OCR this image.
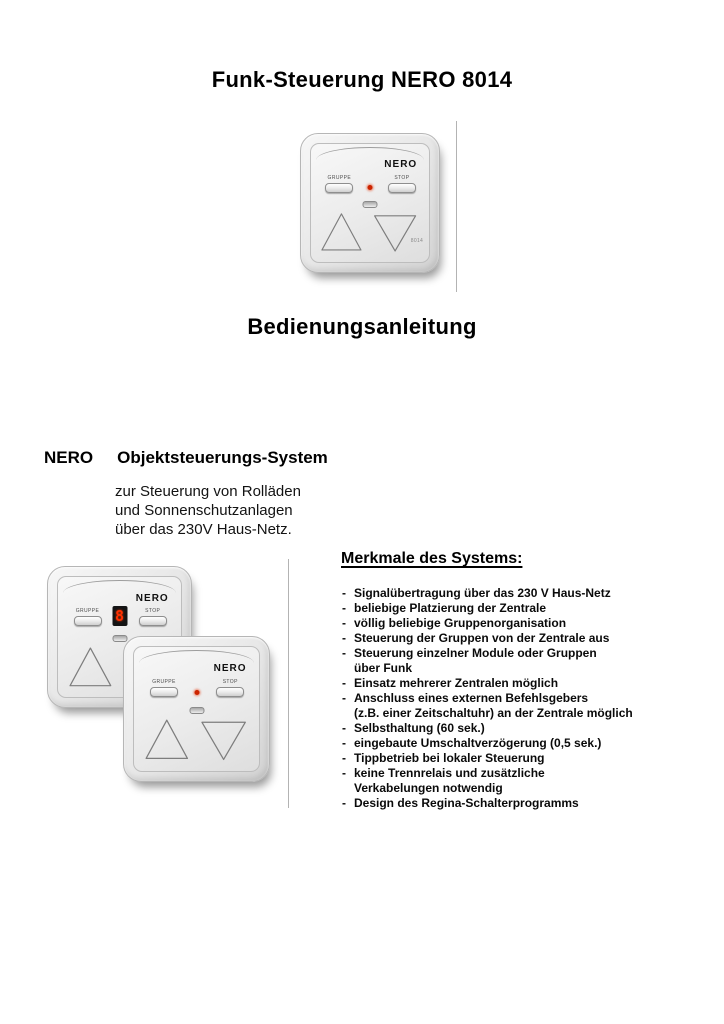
Funk-Steuerung NERO 8014
NERO
GRUPPE	STOP
8014
Bedienungsanleitung
NERO Objektsteuerungs-System
zur Steuerung von Rolläden
und Sonnenschutzanlagen
über das 230V Haus-Netz.
NERO
GRUPPE	STOP
8
NERO
GRUPPE	STOP
Merkmale des Systems:
- Signalübertragung über das 230 V Haus-Netz
- beliebige Platzierung der Zentrale
- völlig beliebige Gruppenorganisation
- Steuerung der Gruppen von der Zentrale aus
- Steuerung einzelner Module oder Gruppen
über Funk
- Einsatz mehrerer Zentralen möglich
- Anschluss eines externen Befehlsgebers
(z.B. einer Zeitschaltuhr) an der Zentrale möglich
- Selbsthaltung (60 sek.)
- eingebaute Umschaltverzögerung (0,5 sek.)
- Tippbetrieb bei lokaler Steuerung
- keine Trennrelais und zusätzliche
Verkabelungen notwendig
- Design des Regina-Schalterprogramms
